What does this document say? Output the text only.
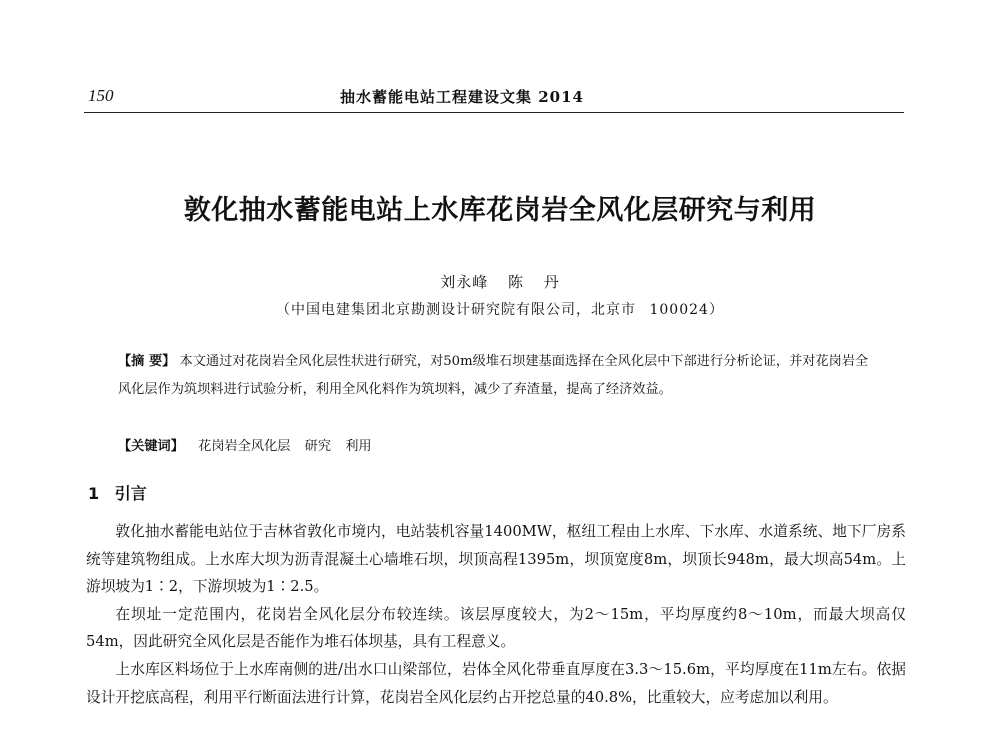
150	抽水蓄能电站工程建设文集 2014
敦化抽水蓄能电站上水库花岗岩全风化层研究与利用
刘永峰 陈 丹
（中国电建集团北京勘测设计研究院有限公司，北京市 100024）
【摘 要】 本文通过对花岗岩全风化层性状进行研究，对50m级堆石坝建基面选择在全风化层中下部进行分析论证，并对花岗岩全风化层作为筑坝料进行试验分析，利用全风化料作为筑坝料，减少了弃渣量，提高了经济效益。
【关键词】 花岗岩全风化层 研究 利用
1 引言

敦化抽水蓄能电站位于吉林省敦化市境内，电站装机容量1400MW，枢纽工程由上水库、下水库、水道系统、地下厂房系统等建筑物组成。上水库大坝为沥青混凝土心墙堆石坝，坝顶高程1395m，坝顶宽度8m，坝顶长948m，最大坝高54m。上游坝坡为1∶2，下游坝坡为1∶2.5。

在坝址一定范围内，花岗岩全风化层分布较连续。该层厚度较大，为2～15m，平均厚度约8～10m，而最大坝高仅54m，因此研究全风化层是否能作为堆石体坝基，具有工程意义。

上水库区料场位于上水库南侧的进/出水口山梁部位，岩体全风化带垂直厚度在3.3～15.6m，平均厚度在11m左右。依据设计开挖底高程，利用平行断面法进行计算，花岗岩全风化层约占开挖总量的40.8%，比重较大，应考虑加以利用。
